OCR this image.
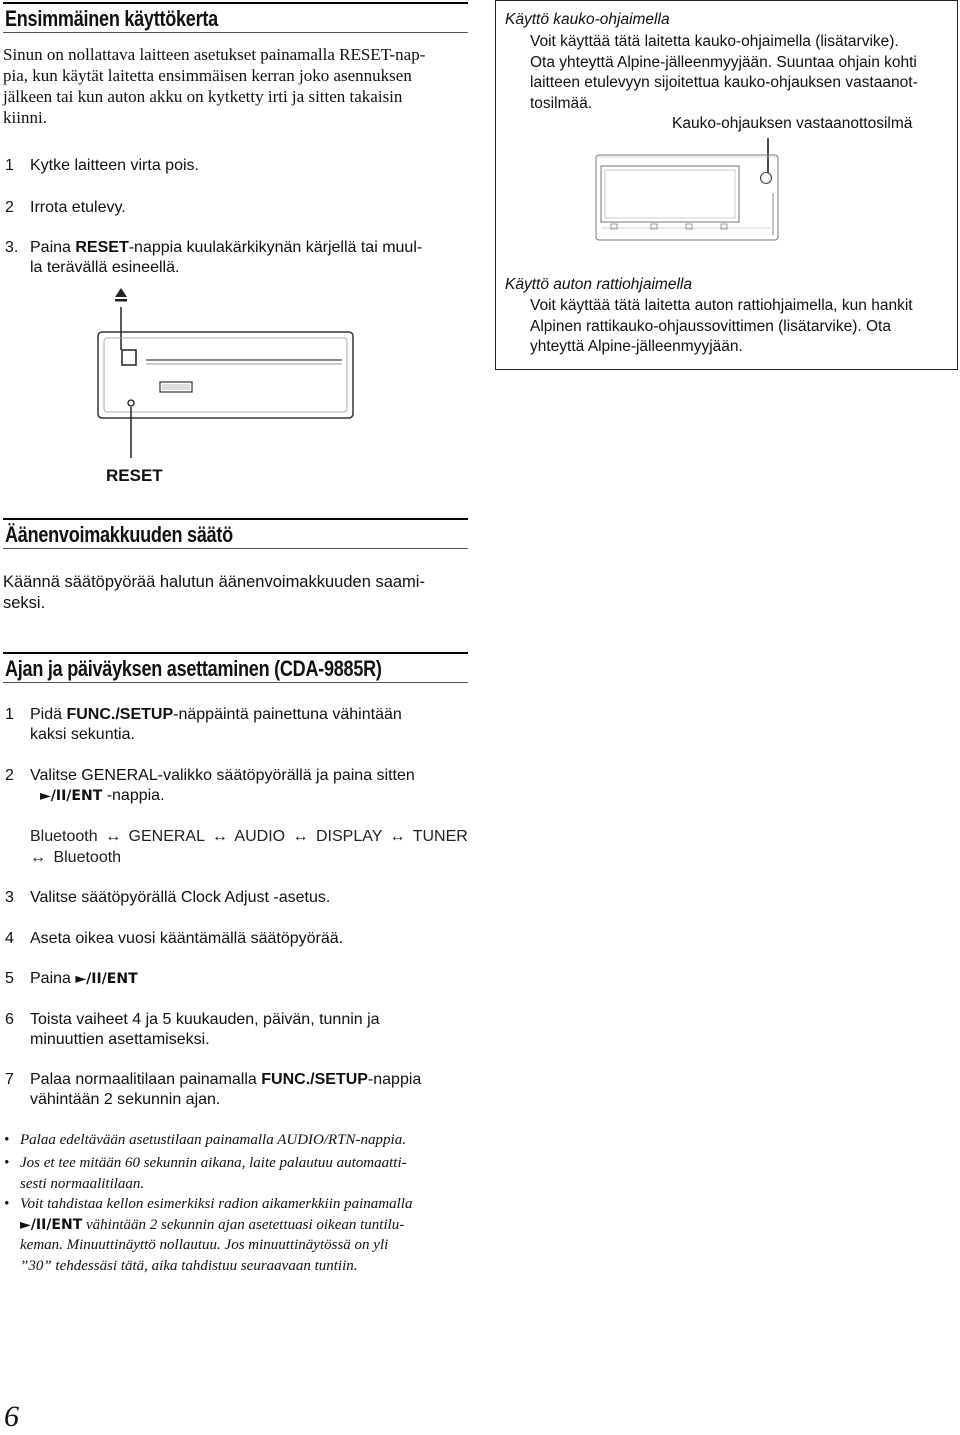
Ensimmäinen käyttökerta
Sinun on nollattava laitteen asetukset painamalla RESET-nap-
pia, kun käytät laitetta ensimmäisen kerran joko asennuksen
jälkeen tai kun auton akku on kytketty irti ja sitten takaisin
kiinni.
1	Kytke laitteen virta pois.
2	Irrota etulevy.
3. Paina RESET-nappia kuulakärkikynän kärjellä tai muul-
la terävällä esineellä.
RESET
Käyttö kauko-ohjaimella
Voit käyttää tätä laitetta kauko-ohjaimella (lisätarvike).
Ota yhteyttä Alpine-jälleenmyyjään. Suuntaa ohjain kohti
laitteen etulevyyn sijoitettua kauko-ohjauksen vastaanot-
tosilmää.
Kauko-ohjauksen vastaanottosilmä
Käyttö auton rattiohjaimella
Voit käyttää tätä laitetta auton rattiohjaimella, kun hankit
Alpinen rattikauko-ohjaussovittimen (lisätarvike). Ota
yhteyttä Alpine-jälleenmyyjään.
Äänenvoimakkuuden säätö
Käännä säätöpyörää halutun äänenvoimakkuuden saami-
seksi.
Ajan ja päiväyksen asettaminen (CDA-9885R)
1	Pidä FUNC./SETUP-näppäintä painettuna vähintään
kaksi sekuntia.
2	Valitse GENERAL-valikko säätöpyörällä ja paina sitten
►/II/ENT -nappia.
Bluetooth ↔ GENERAL ↔ AUDIO ↔ DISPLAY ↔ TUNER
↔ Bluetooth
3	Valitse säätöpyörällä Clock Adjust -asetus.
4	Aseta oikea vuosi kääntämällä säätöpyörää.
5	Paina ►/II/ENT
6	Toista vaiheet 4 ja 5 kuukauden, päivän, tunnin ja
minuuttien asettamiseksi.
7	Palaa normaalitilaan painamalla FUNC./SETUP-nappia
vähintään 2 sekunnin ajan.
• Palaa edeltävään asetustilaan painamalla AUDIO/RTN-nappia.
• Jos et tee mitään 60 sekunnin aikana, laite palautuu automaatti-
sesti normaalitilaan.
• Voit tahdistaa kellon esimerkiksi radion aikamerkkiin painamalla
►/II/ENT vähintään 2 sekunnin ajan asetettuasi oikean tuntilu-
keman. Minuuttinäyttö nollautuu. Jos minuuttinäytössä on yli
”30” tehdessäsi tätä, aika tahdistuu seuraavaan tuntiin.
6
